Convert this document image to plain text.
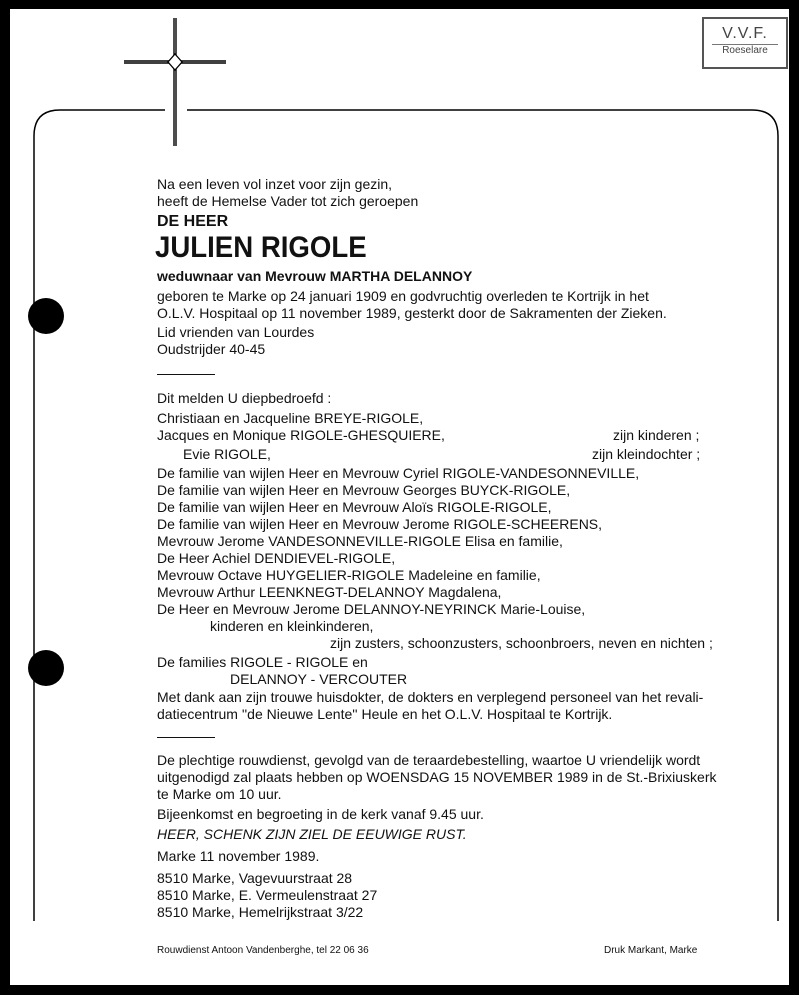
V.V.F.
Roeselare
Na een leven vol inzet voor zijn gezin,
heeft de Hemelse Vader tot zich geroepen
DE HEER
JULIEN RIGOLE
weduwnaar van Mevrouw MARTHA DELANNOY
geboren te Marke op 24 januari 1909 en godvruchtig overleden te Kortrijk in het
O.L.V. Hospitaal op 11 november 1989, gesterkt door de Sakramenten der Zieken.
Lid vrienden van Lourdes
Oudstrijder 40-45
Dit melden U diepbedroefd :
Christiaan en Jacqueline BREYE-RIGOLE,
Jacques en Monique RIGOLE-GHESQUIERE,	zijn kinderen ;
Evie RIGOLE,	zijn kleindochter ;
De familie van wijlen Heer en Mevrouw Cyriel RIGOLE-VANDESONNEVILLE,
De familie van wijlen Heer en Mevrouw Georges BUYCK-RIGOLE,
De familie van wijlen Heer en Mevrouw Aloïs RIGOLE-RIGOLE,
De familie van wijlen Heer en Mevrouw Jerome RIGOLE-SCHEERENS,
Mevrouw Jerome VANDESONNEVILLE-RIGOLE Elisa en familie,
De Heer Achiel DENDIEVEL-RIGOLE,
Mevrouw Octave HUYGELIER-RIGOLE Madeleine en familie,
Mevrouw Arthur LEENKNEGT-DELANNOY Magdalena,
De Heer en Mevrouw Jerome DELANNOY-NEYRINCK Marie-Louise,
kinderen en kleinkinderen,
zijn zusters, schoonzusters, schoonbroers, neven en nichten ;
De families RIGOLE - RIGOLE en
DELANNOY - VERCOUTER
Met dank aan zijn trouwe huisdokter, de dokters en verplegend personeel van het revali-
datiecentrum ''de Nieuwe Lente'' Heule en het O.L.V. Hospitaal te Kortrijk.
De plechtige rouwdienst, gevolgd van de teraardebestelling, waartoe U vriendelijk wordt
uitgenodigd zal plaats hebben op WOENSDAG 15 NOVEMBER 1989 in de St.-Brixiuskerk
te Marke om 10 uur.
Bijeenkomst en begroeting in de kerk vanaf 9.45 uur.
HEER, SCHENK ZIJN ZIEL DE EEUWIGE RUST.
Marke 11 november 1989.
8510 Marke, Vagevuurstraat 28
8510 Marke, E. Vermeulenstraat 27
8510 Marke, Hemelrijkstraat 3/22
Rouwdienst Antoon Vandenberghe, tel 22 06 36	Druk Markant, Marke
